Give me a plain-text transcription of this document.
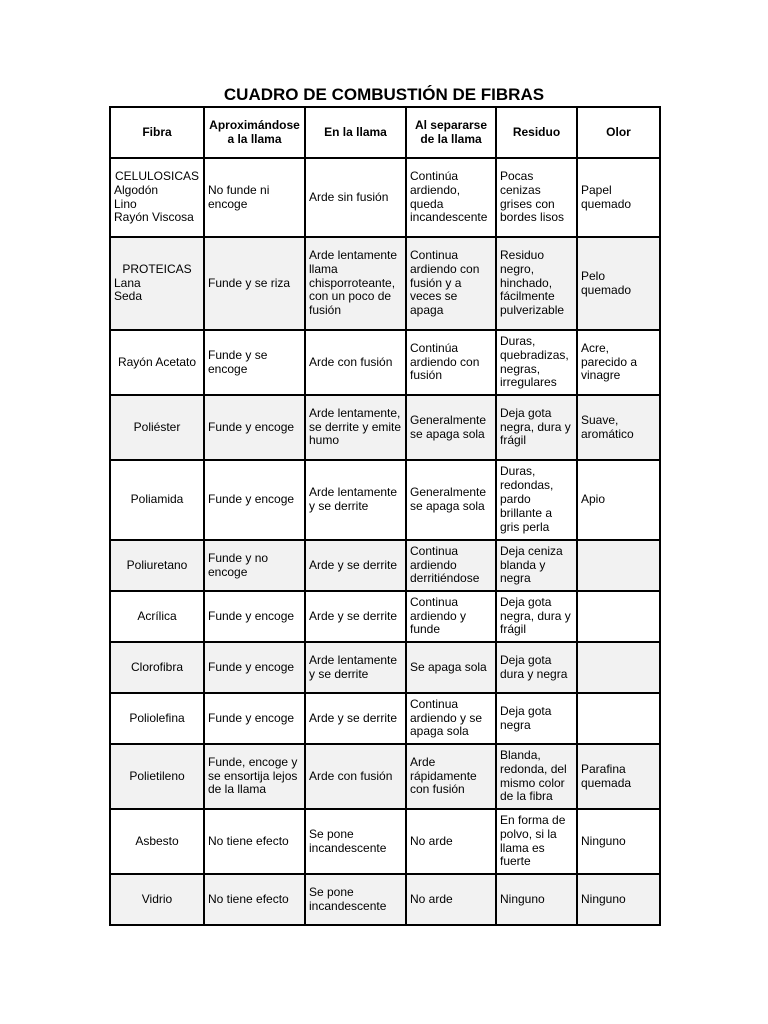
CUADRO DE COMBUSTIÓN DE FIBRAS
Fibra	Aproximándose a la llama	En la llama	Al separarse de la llama	Residuo	Olor

CELULOSICAS
Algodón
Lino
Rayón Viscosa	No funde ni encoge	Arde sin fusión	Continúa ardiendo, queda incandescente	Pocas cenizas grises con bordes lisos	Papel quemado

PROTEICAS
Lana
Seda	Funde y se riza	Arde lentamente llama chisporroteante, con un poco de fusión	Continua ardiendo con fusión y a veces se apaga	Residuo negro, hinchado, fácilmente pulverizable	Pelo quemado
Rayón Acetato	Funde y se encoge	Arde con fusión	Continúa ardiendo con fusión	Duras, quebradizas, negras, irregulares	Acre, parecido a vinagre
Poliéster	Funde y encoge	Arde lentamente, se derrite y emite humo	Generalmente se apaga sola	Deja gota negra, dura y frágil	Suave, aromático
Poliamida	Funde y encoge	Arde lentamente y se derrite	Generalmente se apaga sola	Duras, redondas, pardo brillante a gris perla	Apio
Poliuretano	Funde y no encoge	Arde y se derrite	Continua ardiendo derritiéndose	Deja ceniza blanda y negra	
Acrílica	Funde y encoge	Arde y se derrite	Continua ardiendo y funde	Deja gota negra, dura y frágil	
Clorofibra	Funde y encoge	Arde lentamente y se derrite	Se apaga sola	Deja gota dura y negra	
Poliolefina	Funde y encoge	Arde y se derrite	Continua ardiendo y se apaga sola	Deja gota negra	
Polietileno	Funde, encoge y se ensortija lejos de la llama	Arde con fusión	Arde rápidamente con fusión	Blanda, redonda, del mismo color de la fibra	Parafina quemada
Asbesto	No tiene efecto	Se pone incandescente	No arde	En forma de polvo, si la llama es fuerte	Ninguno
Vidrio	No tiene efecto	Se pone incandescente	No arde	Ninguno	Ninguno
